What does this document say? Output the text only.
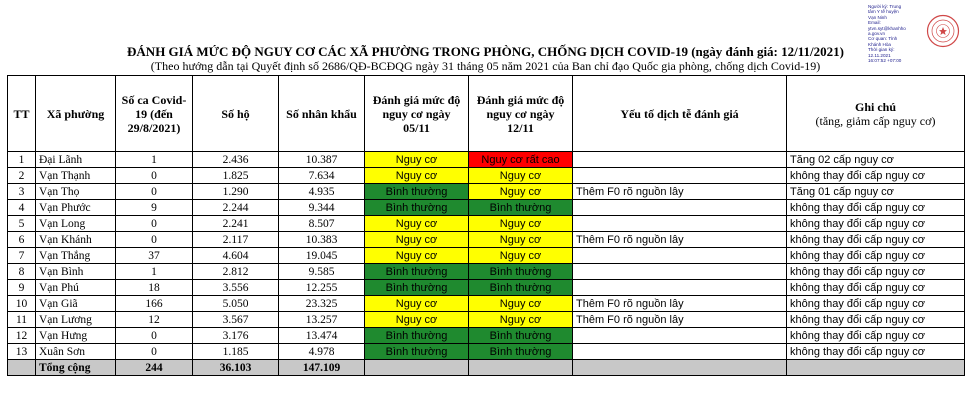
Người ký: Trung
tâm Y tế huyện
Vạn Ninh
Email:
ytvn.syt@khanhho
a.gov.vn
Cơ quan: Tỉnh
Khánh Hòa
Thời gian ký:
12.11.2021
16:07:52 +07:00
ĐÁNH GIÁ MỨC ĐỘ NGUY CƠ CÁC XÃ PHƯỜNG TRONG PHÒNG, CHỐNG DỊCH COVID-19 (ngày đánh giá: 12/11/2021)
(Theo hướng dẫn tại Quyết định số 2686/QĐ-BCĐQG ngày 31 tháng 05 năm 2021 của Ban chỉ đạo Quốc gia phòng, chống dịch Covid-19)
TT	Xã phường	Số ca Covid-19 (đến 29/8/2021)	Số hộ	Số nhân khẩu	Đánh giá mức độ nguy cơ ngày 05/11	Đánh giá mức độ nguy cơ ngày 12/11	Yếu tố dịch tễ đánh giá	Ghi chú
(tăng, giảm cấp nguy cơ)

1	Đại Lãnh	1	2.436	10.387	Nguy cơ	Nguy cơ rất cao		Tăng 02 cấp nguy cơ
2	Vạn Thạnh	0	1.825	7.634	Nguy cơ	Nguy cơ		không thay đổi cấp nguy cơ
3	Vạn Thọ	0	1.290	4.935	Bình thường	Nguy cơ	Thêm F0 rõ nguồn lây	Tăng 01 cấp nguy cơ
4	Vạn Phước	9	2.244	9.344	Bình thường	Bình thường		không thay đổi cấp nguy cơ
5	Vạn Long	0	2.241	8.507	Nguy cơ	Nguy cơ		không thay đổi cấp nguy cơ
6	Vạn Khánh	0	2.117	10.383	Nguy cơ	Nguy cơ	Thêm F0 rõ nguồn lây	không thay đổi cấp nguy cơ
7	Vạn Thắng	37	4.604	19.045	Nguy cơ	Nguy cơ		không thay đổi cấp nguy cơ
8	Vạn Bình	1	2.812	9.585	Bình thường	Bình thường		không thay đổi cấp nguy cơ
9	Vạn Phú	18	3.556	12.255	Bình thường	Bình thường		không thay đổi cấp nguy cơ
10	Vạn Giã	166	5.050	23.325	Nguy cơ	Nguy cơ	Thêm F0 rõ nguồn lây	không thay đổi cấp nguy cơ
11	Vạn Lương	12	3.567	13.257	Nguy cơ	Nguy cơ	Thêm F0 rõ nguồn lây	không thay đổi cấp nguy cơ
12	Vạn Hưng	0	3.176	13.474	Bình thường	Bình thường		không thay đổi cấp nguy cơ
13	Xuân Sơn	0	1.185	4.978	Bình thường	Bình thường		không thay đổi cấp nguy cơ
	Tổng cộng	244	36.103	147.109				
